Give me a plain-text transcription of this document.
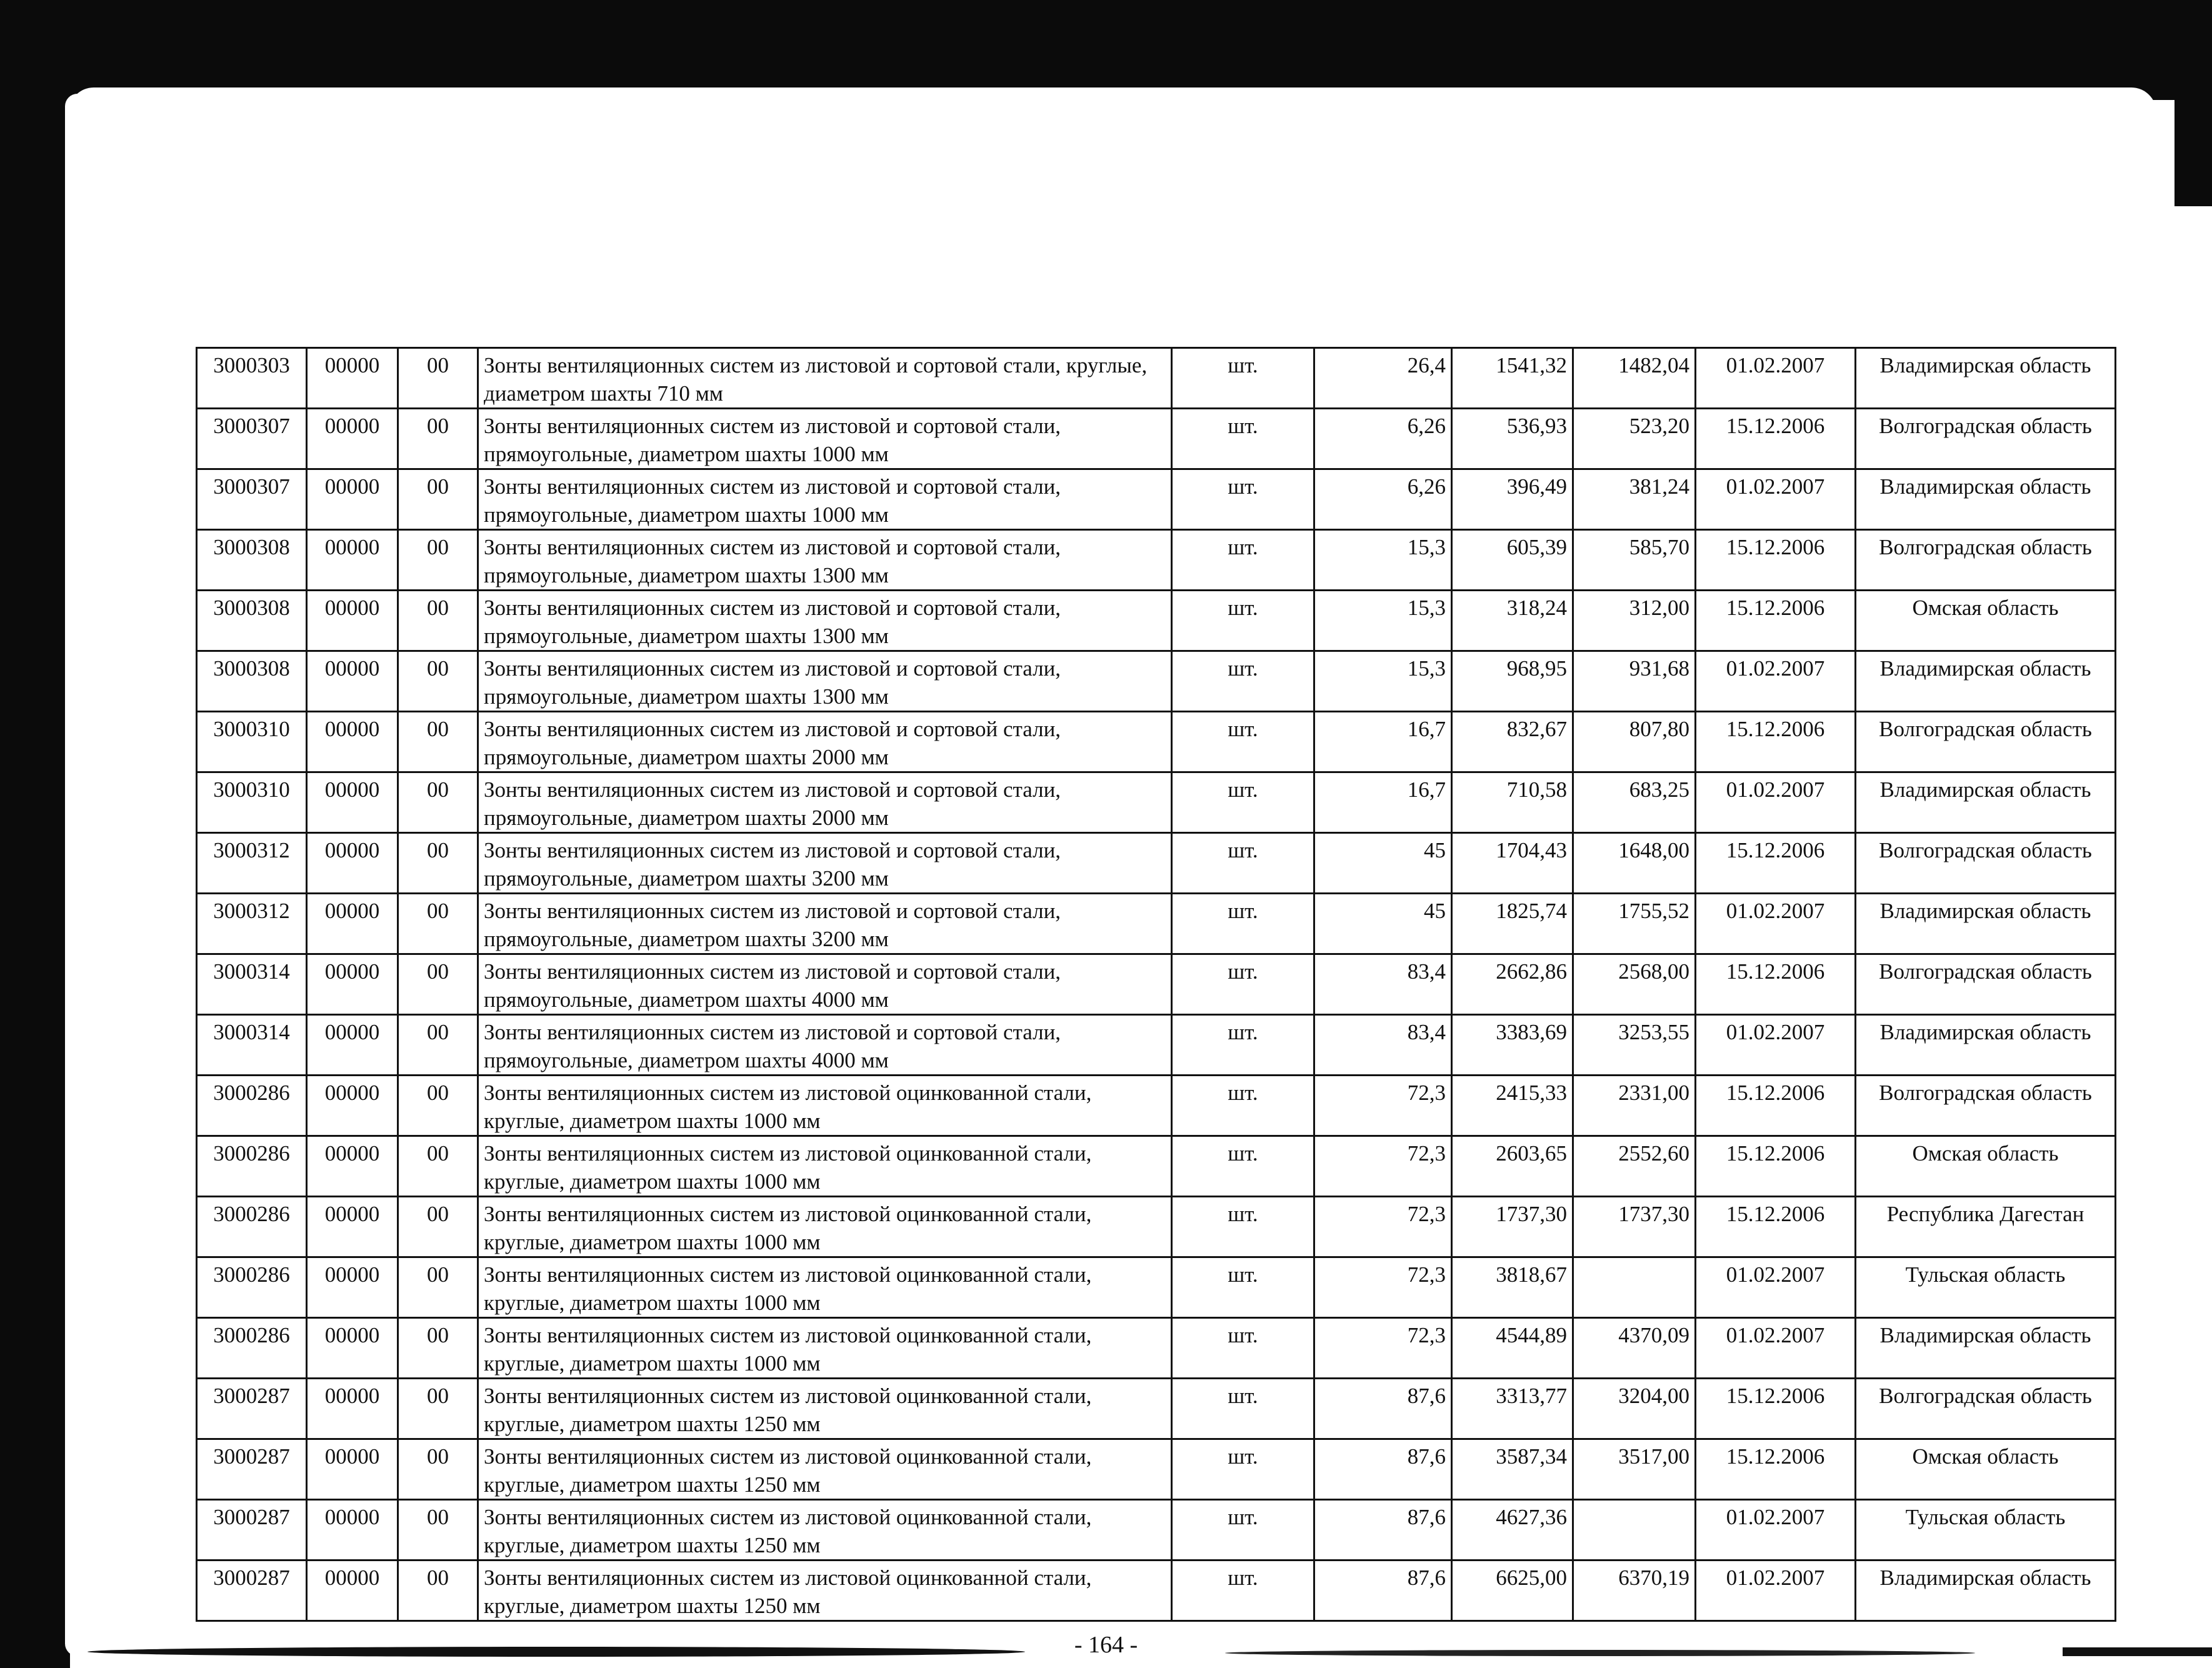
3000303	00000	00	Зонты вентиляционных систем из листовой и сортовой стали, круглые, диаметром шахты 710 мм	шт.	26,4	1541,32	1482,04	01.02.2007	Владимирская область
3000307	00000	00	Зонты вентиляционных систем из листовой и сортовой стали, прямоугольные, диаметром шахты 1000 мм	шт.	6,26	536,93	523,20	15.12.2006	Волгоградская область
3000307	00000	00	Зонты вентиляционных систем из листовой и сортовой стали, прямоугольные, диаметром шахты 1000 мм	шт.	6,26	396,49	381,24	01.02.2007	Владимирская область
3000308	00000	00	Зонты вентиляционных систем из листовой и сортовой стали, прямоугольные, диаметром шахты 1300 мм	шт.	15,3	605,39	585,70	15.12.2006	Волгоградская область
3000308	00000	00	Зонты вентиляционных систем из листовой и сортовой стали, прямоугольные, диаметром шахты 1300 мм	шт.	15,3	318,24	312,00	15.12.2006	Омская область
3000308	00000	00	Зонты вентиляционных систем из листовой и сортовой стали, прямоугольные, диаметром шахты 1300 мм	шт.	15,3	968,95	931,68	01.02.2007	Владимирская область
3000310	00000	00	Зонты вентиляционных систем из листовой и сортовой стали, прямоугольные, диаметром шахты 2000 мм	шт.	16,7	832,67	807,80	15.12.2006	Волгоградская область
3000310	00000	00	Зонты вентиляционных систем из листовой и сортовой стали, прямоугольные, диаметром шахты 2000 мм	шт.	16,7	710,58	683,25	01.02.2007	Владимирская область
3000312	00000	00	Зонты вентиляционных систем из листовой и сортовой стали, прямоугольные, диаметром шахты 3200 мм	шт.	45	1704,43	1648,00	15.12.2006	Волгоградская область
3000312	00000	00	Зонты вентиляционных систем из листовой и сортовой стали, прямоугольные, диаметром шахты 3200 мм	шт.	45	1825,74	1755,52	01.02.2007	Владимирская область
3000314	00000	00	Зонты вентиляционных систем из листовой и сортовой стали, прямоугольные, диаметром шахты 4000 мм	шт.	83,4	2662,86	2568,00	15.12.2006	Волгоградская область
3000314	00000	00	Зонты вентиляционных систем из листовой и сортовой стали, прямоугольные, диаметром шахты 4000 мм	шт.	83,4	3383,69	3253,55	01.02.2007	Владимирская область
3000286	00000	00	Зонты вентиляционных систем из листовой оцинкованной стали, круглые, диаметром шахты 1000 мм	шт.	72,3	2415,33	2331,00	15.12.2006	Волгоградская область
3000286	00000	00	Зонты вентиляционных систем из листовой оцинкованной стали, круглые, диаметром шахты 1000 мм	шт.	72,3	2603,65	2552,60	15.12.2006	Омская область
3000286	00000	00	Зонты вентиляционных систем из листовой оцинкованной стали, круглые, диаметром шахты 1000 мм	шт.	72,3	1737,30	1737,30	15.12.2006	Республика Дагестан
3000286	00000	00	Зонты вентиляционных систем из листовой оцинкованной стали, круглые, диаметром шахты 1000 мм	шт.	72,3	3818,67		01.02.2007	Тульская область
3000286	00000	00	Зонты вентиляционных систем из листовой оцинкованной стали, круглые, диаметром шахты 1000 мм	шт.	72,3	4544,89	4370,09	01.02.2007	Владимирская область
3000287	00000	00	Зонты вентиляционных систем из листовой оцинкованной стали, круглые, диаметром шахты 1250 мм	шт.	87,6	3313,77	3204,00	15.12.2006	Волгоградская область
3000287	00000	00	Зонты вентиляционных систем из листовой оцинкованной стали, круглые, диаметром шахты 1250 мм	шт.	87,6	3587,34	3517,00	15.12.2006	Омская область
3000287	00000	00	Зонты вентиляционных систем из листовой оцинкованной стали, круглые, диаметром шахты 1250 мм	шт.	87,6	4627,36		01.02.2007	Тульская область
3000287	00000	00	Зонты вентиляционных систем из листовой оцинкованной стали, круглые, диаметром шахты 1250 мм	шт.	87,6	6625,00	6370,19	01.02.2007	Владимирская область
- 164 -
